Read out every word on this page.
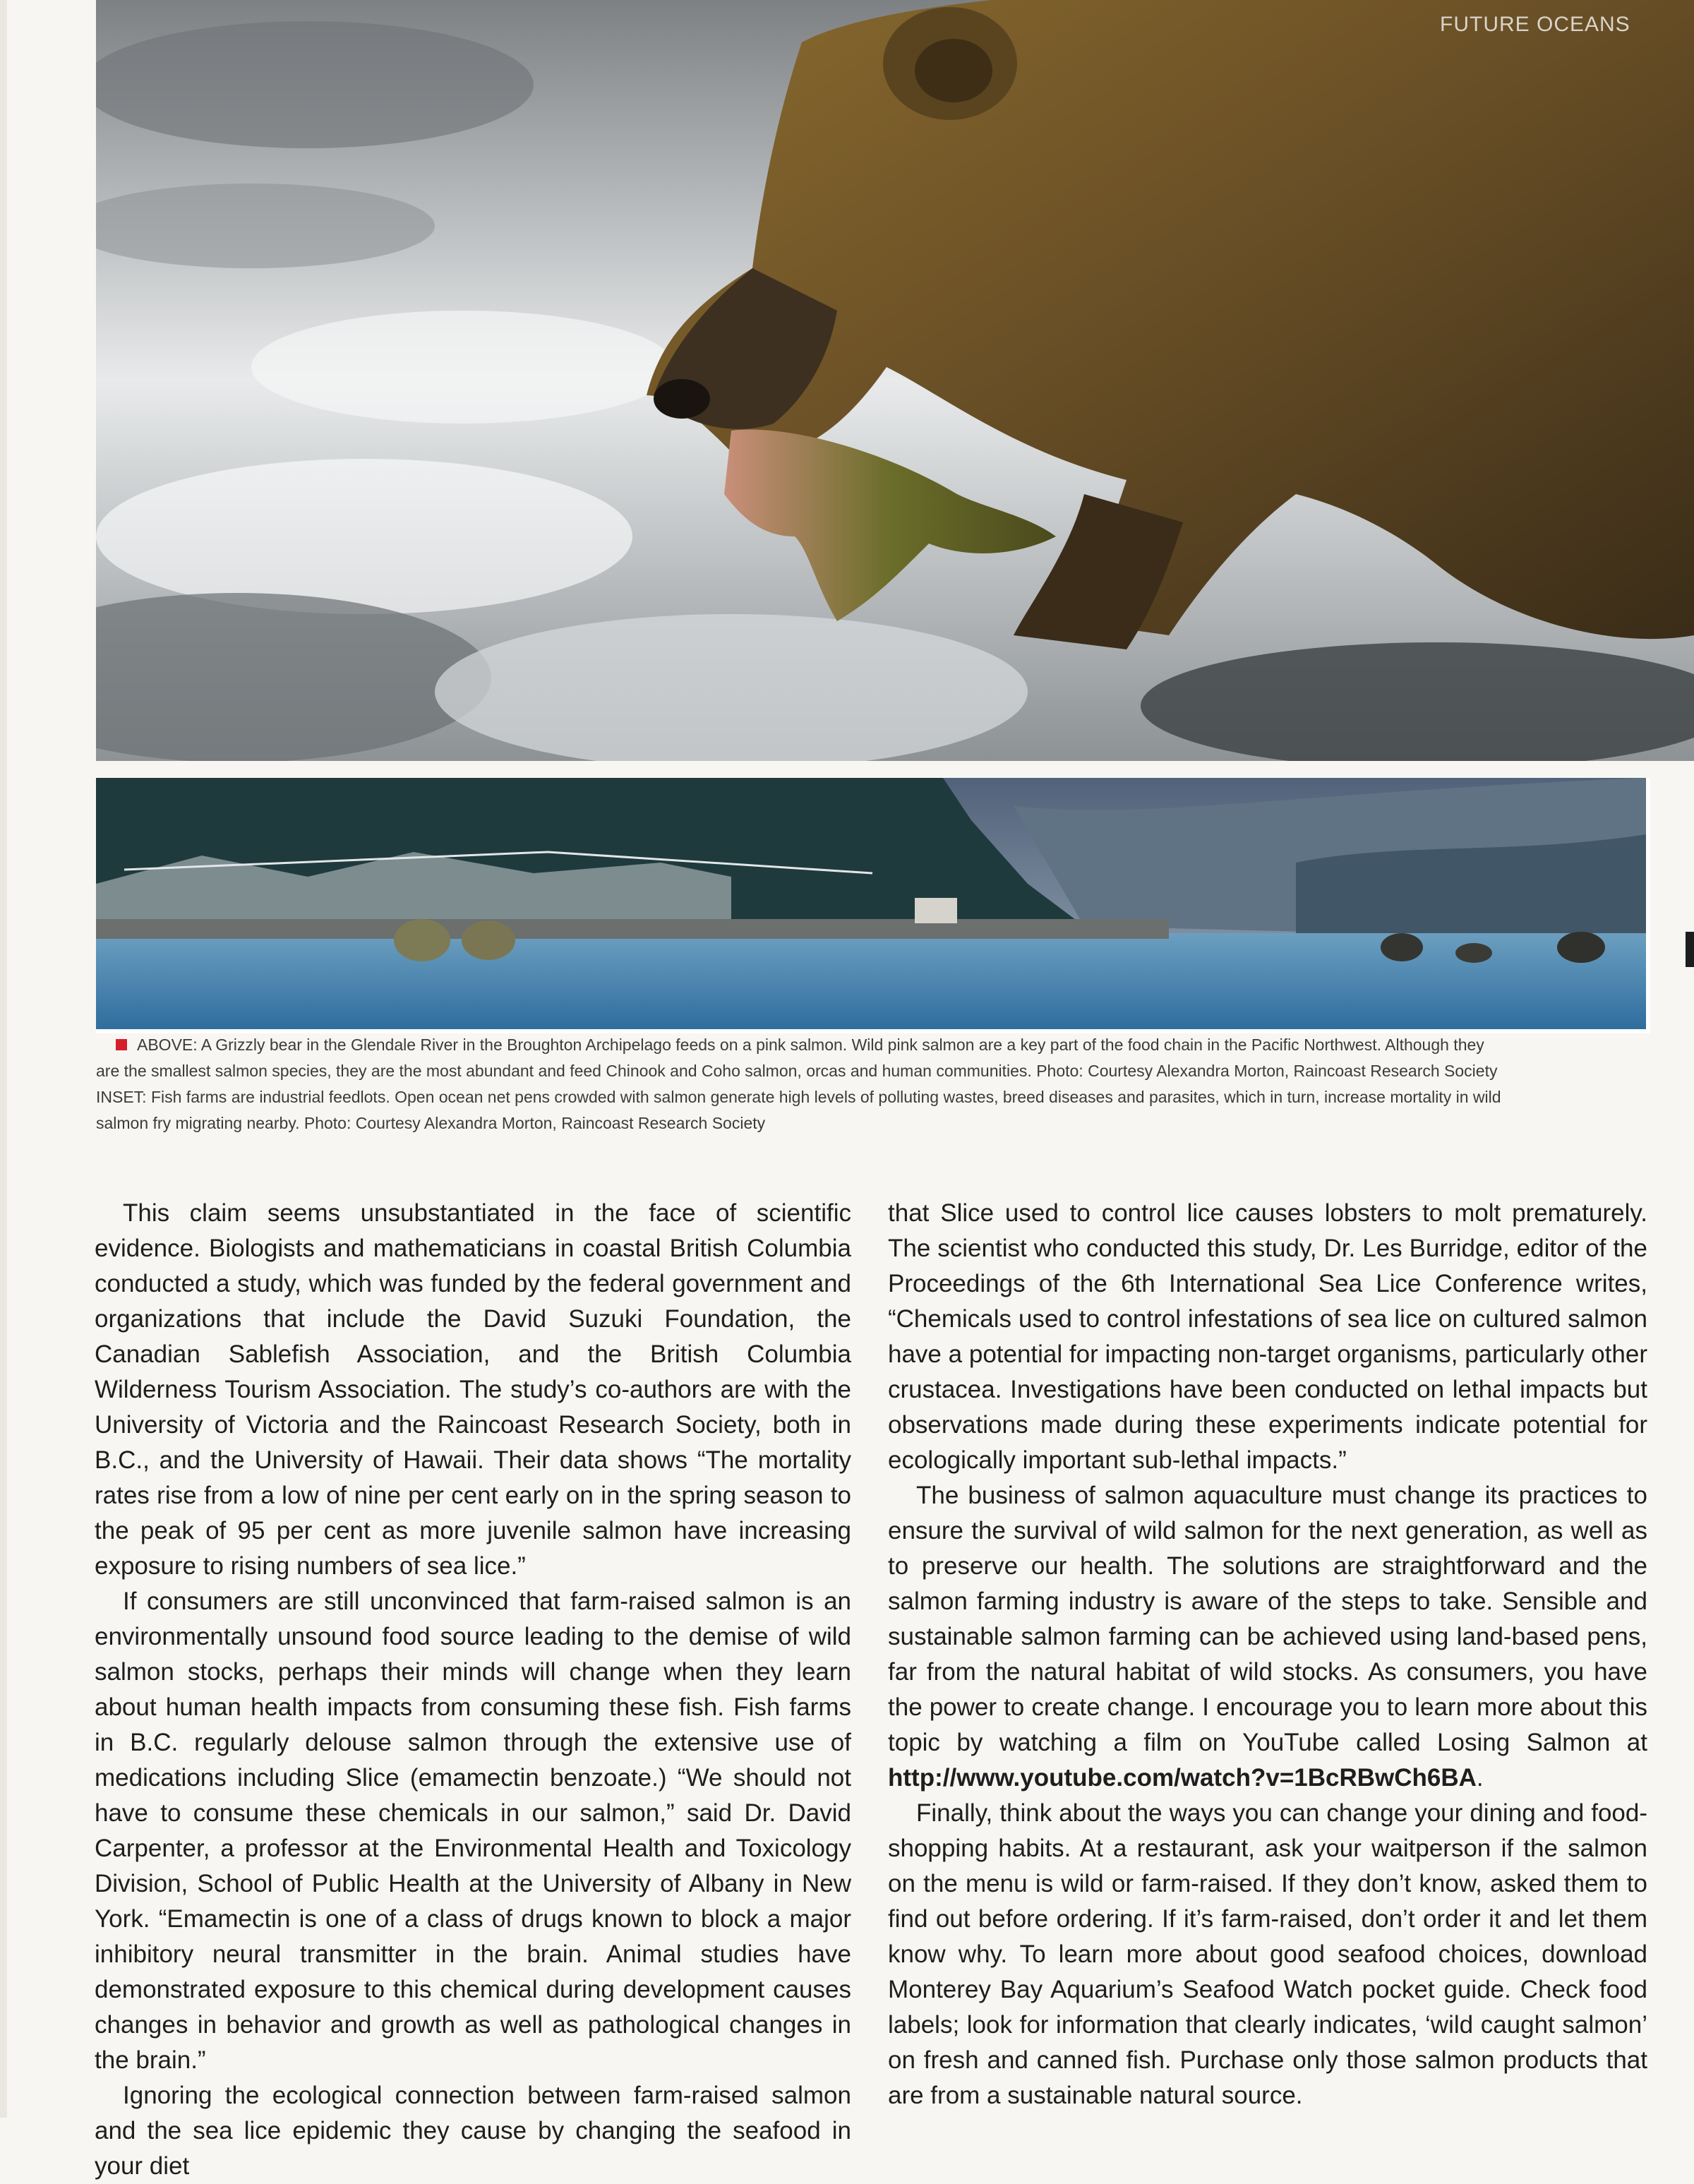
FUTURE OCEANS
ABOVE: A Grizzly bear in the Glendale River in the Broughton Archipelago feeds on a pink salmon. Wild pink salmon are a key part of the food chain in the Pacific Northwest. Although they
are the smallest salmon species, they are the most abundant and feed Chinook and Coho salmon, orcas and human communities. Photo: Courtesy Alexandra Morton, Raincoast Research Society
INSET: Fish farms are industrial feedlots. Open ocean net pens crowded with salmon generate high levels of polluting wastes, breed diseases and parasites, which in turn, increase mortality in wild
salmon fry migrating nearby. Photo: Courtesy Alexandra Morton, Raincoast Research Society

This claim seems unsubstantiated in the face of scientific evidence. Biologists and mathematicians in coastal British Columbia conducted a study, which was funded by the federal government and organizations that include the David Suzuki Foundation, the Canadian Sablefish Association, and the British Columbia Wilderness Tourism Association. The study’s co-authors are with the University of Victoria and the Raincoast Research Society, both in B.C., and the University of Hawaii. Their data shows “The mortality rates rise from a low of nine per cent early on in the spring season to the peak of 95 per cent as more juvenile salmon have increasing exposure to rising numbers of sea lice.”

If consumers are still unconvinced that farm-raised salmon is an environmentally unsound food source leading to the demise of wild salmon stocks, perhaps their minds will change when they learn about human health impacts from consuming these fish. Fish farms in B.C. regularly delouse salmon through the extensive use of medications including Slice (emamectin benzoate.) “We should not have to consume these chemicals in our salmon,” said Dr. David Carpenter, a professor at the Environmental Health and Toxicology Division, School of Public Health at the University of Albany in New York. “Emamectin is one of a class of drugs known to block a major inhibitory neural transmitter in the brain. Animal studies have demonstrated exposure to this chemical during development causes changes in behavior and growth as well as pathological changes in the brain.”

Ignoring the ecological connection between farm-raised salmon and the sea lice epidemic they cause by changing the seafood in your diet

that Slice used to control lice causes lobsters to molt prematurely. The scientist who conducted this study, Dr. Les Burridge, editor of the Proceedings of the 6th International Sea Lice Conference writes, “Chemicals used to control infestations of sea lice on cultured salmon have a potential for impacting non-target organisms, particularly other crustacea. Investigations have been conducted on lethal impacts but observations made during these experiments indicate potential for ecologically important sub-lethal impacts.”

The business of salmon aquaculture must change its practices to ensure the survival of wild salmon for the next generation, as well as to preserve our health. The solutions are straightforward and the salmon farming industry is aware of the steps to take. Sensible and sustainable salmon farming can be achieved using land-based pens, far from the natural habitat of wild stocks. As consumers, you have the power to create change. I encourage you to learn more about this topic by watching a film on YouTube called Losing Salmon at http://www.youtube.com/watch?v=1BcRBwCh6BA.

Finally, think about the ways you can change your dining and food-shopping habits. At a restaurant, ask your waitperson if the salmon on the menu is wild or farm-raised. If they don’t know, asked them to find out before ordering. If it’s farm-raised, don’t order it and let them know why. To learn more about good seafood choices, download Monterey Bay Aquarium’s Seafood Watch pocket guide. Check food labels; look for information that clearly indicates, ‘wild caught salmon’ on fresh and canned fish. Purchase only those salmon products that are from a sustainable natural source.
